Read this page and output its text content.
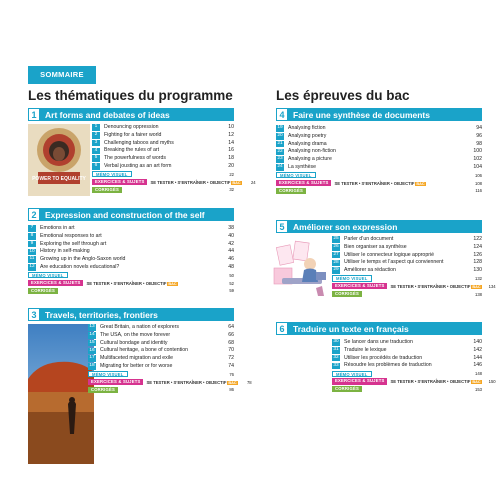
SOMMAIRE
Les thématiques du programme
1	Art forms and debates of ideas
POWER TO EQUALITY
1	Denouncing oppression	10
2	Fighting for a fairer world	12
3	Challenging taboos and myths	14
4	Breaking the rules of art	16
5	The powerfulness of words	18
6	Verbal jousting as an art form	20
MÉMO VISUEL	22
EXERCICES & SUJETS	SE TESTER • S’ENTRAÎNER • OBJECTIF BAC	24
CORRIGÉS	32
2	Expression and construction of the self
7	Emotions in art	38
8	Emotional responses to art	40
9	Exploring the self through art	42
10	History in self-making	44
11	Growing up in the Anglo-Saxon world	46
12	Are education novels educational?	48
MÉMO VISUEL	50
EXERCICES & SUJETS	SE TESTER • S’ENTRAÎNER • OBJECTIF BAC	52
CORRIGÉS	59
3	Travels, territories, frontiers
13	Great Britain, a nation of explorers	64
14	The USA, on the move forever	66
15	Cultural bondage and identity	68
16	Cultural heritage, a bone of contention	70
17	Multifaceted migration and exile	72
18	Migrating for better or for worse	74
MÉMO VISUEL	76
EXERCICES & SUJETS	SE TESTER • S’ENTRAÎNER • OBJECTIF BAC	78
CORRIGÉS	86
Les épreuves du bac
4	Faire une synthèse de documents
19	Analysing fiction	94
20	Analysing poetry	96
21	Analysing drama	98
22	Analysing non-fiction	100
23	Analysing a picture	102
24	La synthèse	104
MÉMO VISUEL	106
EXERCICES & SUJETS	SE TESTER • S’ENTRAÎNER • OBJECTIF BAC	108
CORRIGÉS	116
5	Améliorer son expression
25	Parler d’un document	122
26	Bien organiser sa synthèse	124
27	Utiliser le connecteur logique approprié	126
28	Utiliser le temps et l’aspect qui conviennent	128
29	Améliorer sa rédaction	130
MÉMO VISUEL	132
EXERCICES & SUJETS	SE TESTER • S’ENTRAÎNER • OBJECTIF BAC	134
CORRIGÉS	138
6	Traduire un texte en français
30	Se lancer dans une traduction	140
31	Traduire le lexique	142
32	Utiliser les procédés de traduction	144
33	Résoudre les problèmes de traduction	146
MÉMO VISUEL	148
EXERCICES & SUJETS	SE TESTER • S’ENTRAÎNER • OBJECTIF BAC	150
CORRIGÉS	153
